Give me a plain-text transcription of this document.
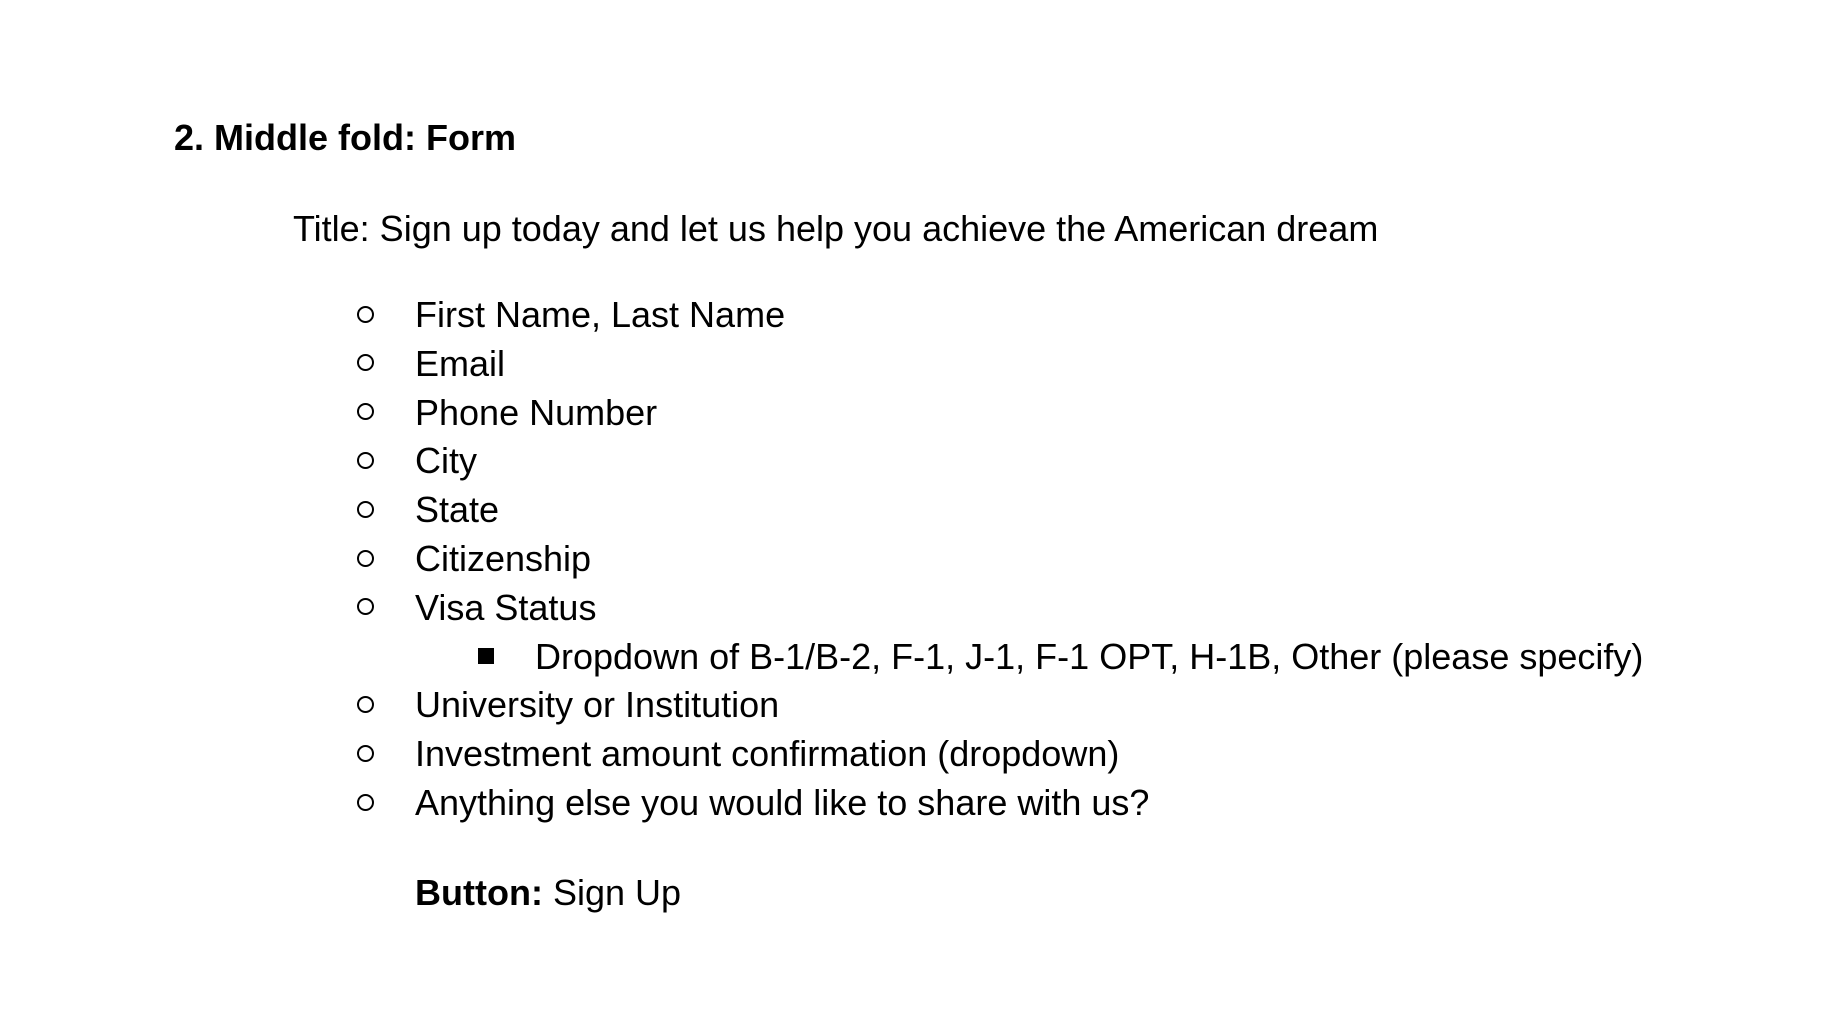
2. Middle fold: Form
Title: Sign up today and let us help you achieve the American dream
First Name, Last Name
Email
Phone Number
City
State
Citizenship
Visa Status
Dropdown of B-1/B-2, F-1, J-1, F-1 OPT, H-1B, Other (please specify)
University or Institution
Investment amount confirmation (dropdown)
Anything else you would like to share with us?
Button: Sign Up
